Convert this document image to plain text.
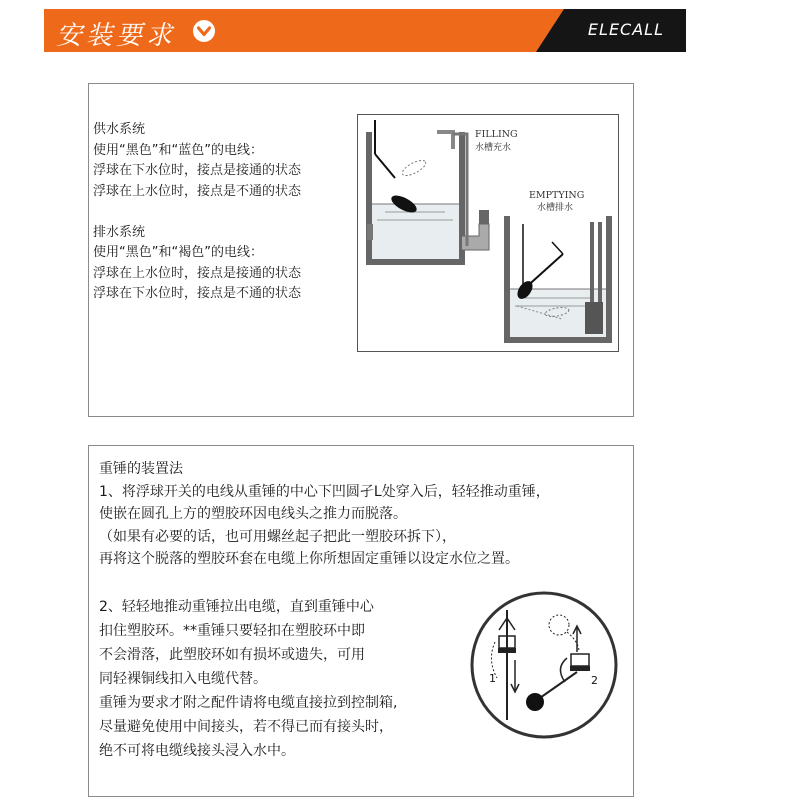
安装要求	ELECALL
供水系统
使用“黑色”和“蓝色”的电线：
浮球在下水位时，接点是接通的状态
浮球在上水位时，接点是不通的状态
排水系统
使用“黑色”和“褐色”的电线：
浮球在上水位时，接点是接通的状态
浮球在下水位时，接点是不通的状态
FILLING
水槽充水
EMPTYING
水槽排水
重锤的装置法
1、将浮球开关的电线从重锤的中心下凹圆孑L处穿入后，轻轻推动重锤，
使嵌在圆孔上方的塑胶环因电线头之推力而脱落。
（如果有必要的话，也可用螺丝起子把此一塑胶环拆下），
再将这个脱落的塑胶环套在电缆上你所想固定重锤以设定水位之置。
2、轻轻地推动重锤拉出电缆，直到重锤中心
扣住塑胶环。**重锤只要轻扣在塑胶环中即
不会滑落，此塑胶环如有损坏或遗失，可用
同轻裸铜线扣入电缆代替。
重锤为要求才附之配件请将电缆直接拉到控制箱,
尽量避免使用中间接头，若不得已而有接头时，
绝不可将电缆线接头浸入水中。
1	2
